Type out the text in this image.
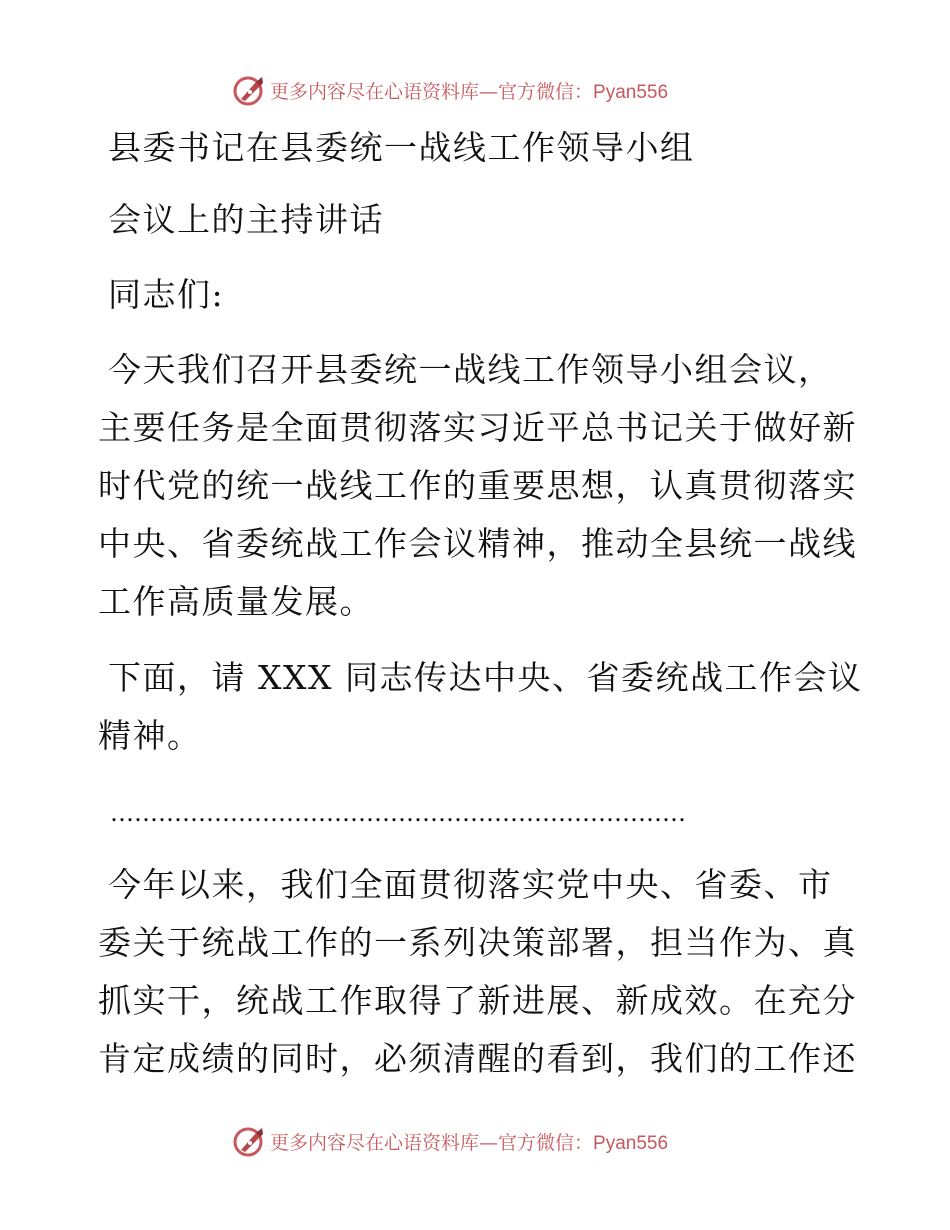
更多内容尽在心语资料库—官方微信：Pyan556
县委书记在县委统一战线工作领导小组
会议上的主持讲话
同志们:
今天我们召开县委统一战线工作领导小组会议，
主要任务是全面贯彻落实习近平总书记关于做好新
时代党的统一战线工作的重要思想，认真贯彻落实
中央、省委统战工作会议精神，推动全县统一战线
工作高质量发展。
下面，请 XXX 同志传达中央、省委统战工作会议
精神。
………………………………………………………………
今年以来，我们全面贯彻落实党中央、省委、市
委关于统战工作的一系列决策部署，担当作为、真
抓实干，统战工作取得了新进展、新成效。在充分
肯定成绩的同时，必须清醒的看到，我们的工作还
更多内容尽在心语资料库—官方微信：Pyan556
